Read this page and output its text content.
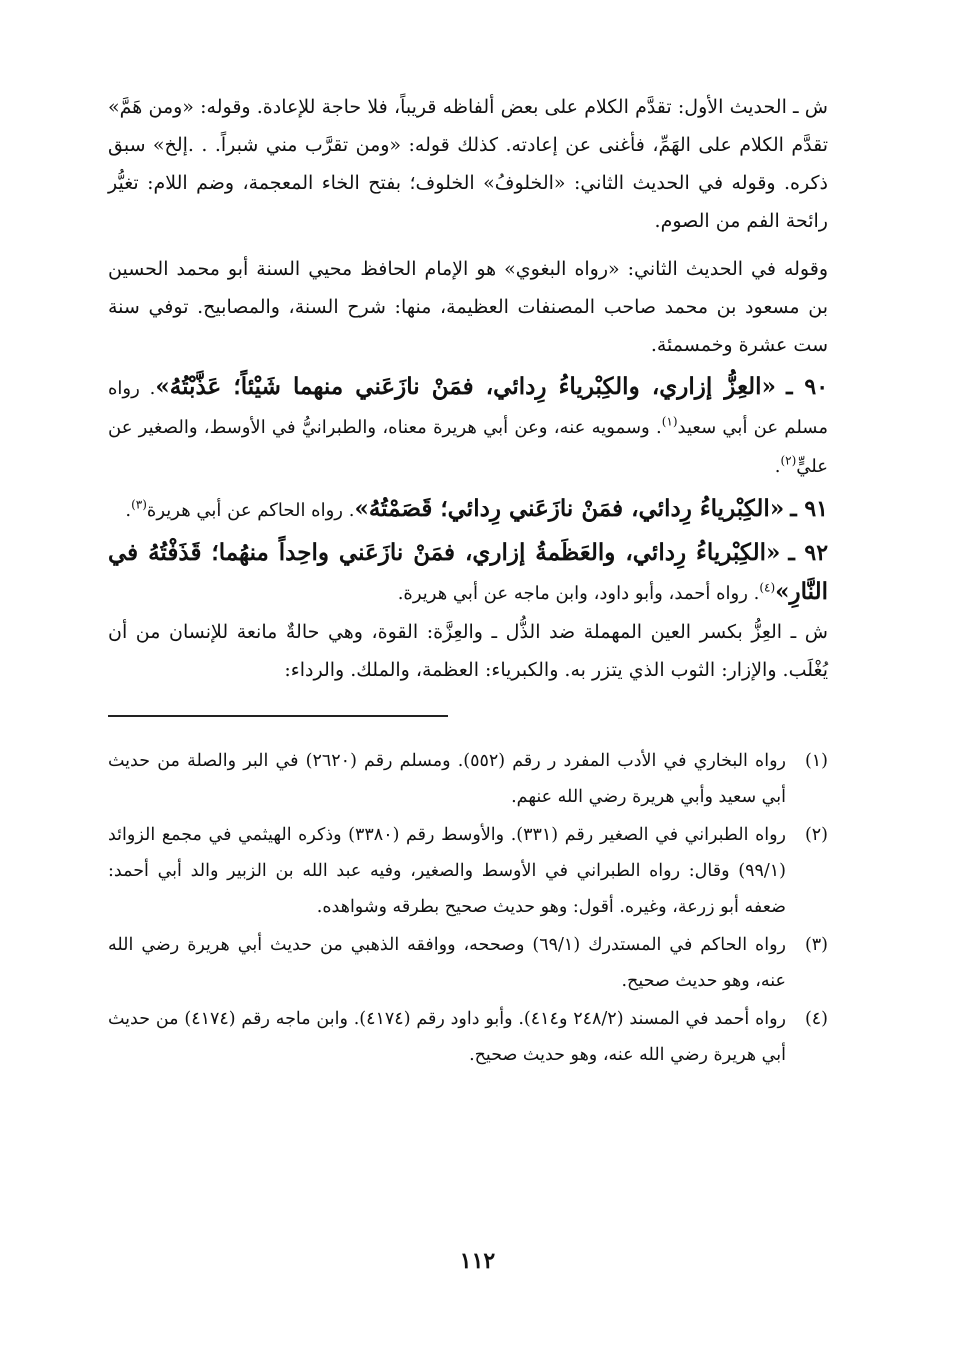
ش ـ الحديث الأول: تقدَّم الكلام على بعض ألفاظه قريباً، فلا حاجة للإعادة. وقوله: «ومن هَمَّ» تقدَّم الكلام على الهَمِّ، فأغنى عن إعادته. كذلك قوله: «ومن تقرَّب مني شبراً. . .إلخ» سبق ذكره. وقوله في الحديث الثاني: «الخلوفُ» الخلوف؛ بفتح الخاء المعجمة، وضم اللام: تغيُّر رائحة الفم من الصوم.

وقوله في الحديث الثاني: «رواه البغوي» هو الإمام الحافظ محيي السنة أبو محمد الحسين بن مسعود بن محمد صاحب المصنفات العظيمة، منها: شرح السنة، والمصابيح. توفي سنة ست عشرة وخمسمئة.

٩٠ ـ «العِزُّ إزاري، والكِبْرياءُ رِدائي، فمَنْ نازَعَني منهما شَيْئاً؛ عَذَّبْتُهُ». رواه مسلم عن أبي سعيد$^{(١)}$. وسمويه عنه، وعن أبي هريرة معناه، والطبرانيُّ في الأوسط، والصغير عن عليٍّ$^{(٢)}$.

٩١ ـ «الكِبْرياءُ رِدائي، فمَنْ نازَعَني رِدائي؛ قَصَمْتُهُ». رواه الحاكم عن أبي هريرة$^{(٣)}$.

٩٢ ـ «الكِبْرياءُ رِدائي، والعَظَمةُ إزاري، فمَنْ نازَعَني واحِداً منهُما؛ قَذَفْتُهُ في النَّارِ»$^{(٤)}$. رواه أحمد، وأبو داود، وابن ماجه عن أبي هريرة.

ش ـ العِزُّ بكسر العين المهملة ضد الذُّل ـ والعِزَّة: القوة، وهي حالةٌ مانعة للإنسان من أن يُغْلَب. والإزار: الثوب الذي يتزر به. والكبرياء: العظمة، والملك. والرداء:

(١)

رواه البخاري في الأدب المفرد ر رقم (٥٥٢). ومسلم رقم (٢٦٢٠) في البر والصلة من حديث أبي سعيد وأبي هريرة رضي الله عنهم.

(٢)

رواه الطبراني في الصغير رقم (٣٣١). والأوسط رقم (٣٣٨٠) وذكره الهيثمي في مجمع الزوائد (٩٩/١) وقال: رواه الطبراني في الأوسط والصغير، وفيه عبد الله بن الزبير والد أبي أحمد: ضعفه أبو زرعة، وغيره. أقول: وهو حديث صحيح بطرقه وشواهده.

(٣)

رواه الحاكم في المستدرك (٦٩/١) وصححه، ووافقه الذهبي من حديث أبي هريرة رضي الله عنه، وهو حديث صحيح.

(٤)

رواه أحمد في المسند (٢٤٨/٢ و٤١٤). وأبو داود رقم (٤١٧٤). وابن ماجه رقم (٤١٧٤) من حديث أبي هريرة رضي الله عنه، وهو حديث صحيح.

١١٢
